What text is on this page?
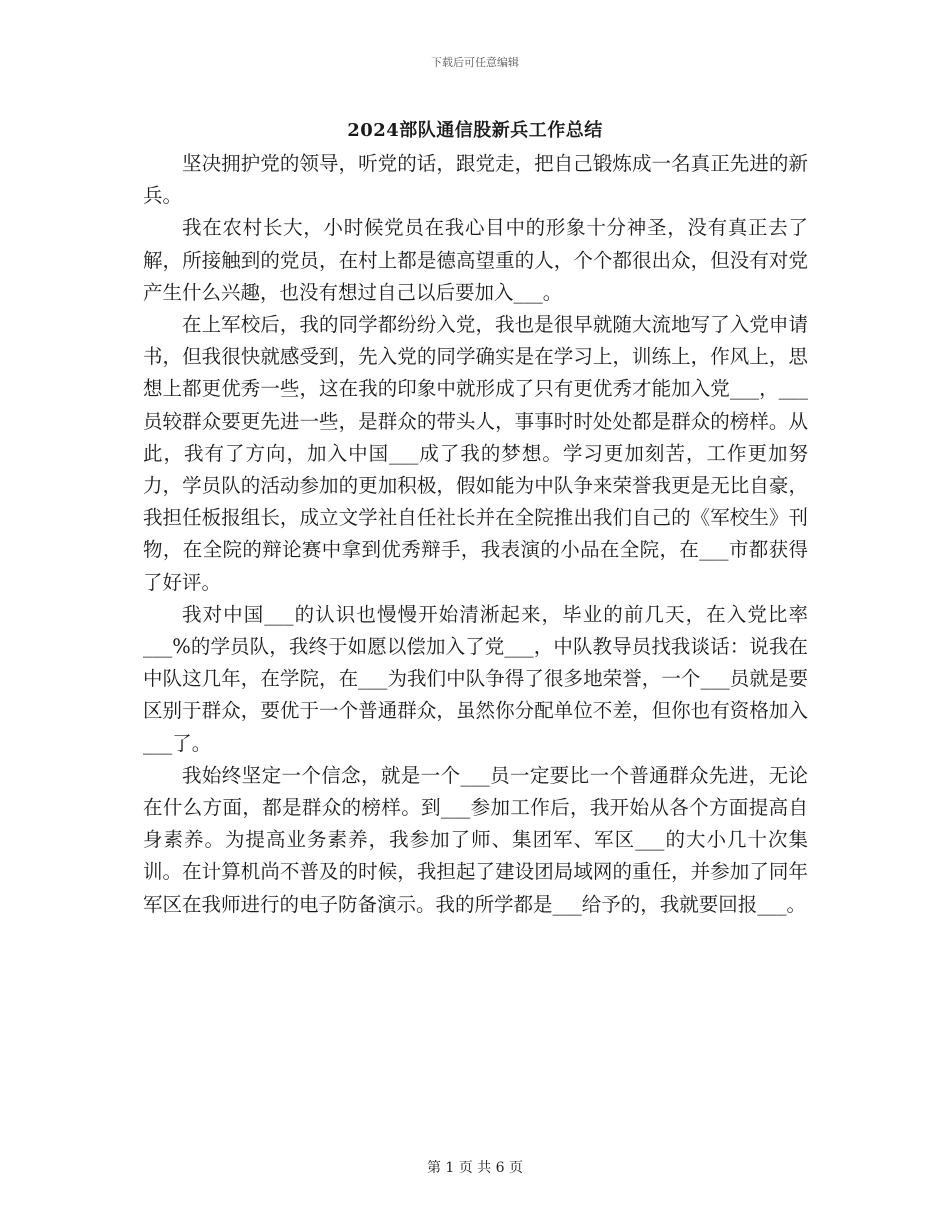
下载后可任意编辑
2024部队通信股新兵工作总结

坚决拥护党的领导，听党的话，跟党走，把自己锻炼成一名真正先进的新兵。

我在农村长大，小时候党员在我心目中的形象十分神圣，没有真正去了解，所接触到的党员，在村上都是德高望重的人，个个都很出众，但没有对党产生什么兴趣，也没有想过自己以后要加入___。

在上军校后，我的同学都纷纷入党，我也是很早就随大流地写了入党申请书，但我很快就感受到，先入党的同学确实是在学习上，训练上，作风上，思想上都更优秀一些，这在我的印象中就形成了只有更优秀才能加入党___，___员较群众要更先进一些，是群众的带头人，事事时时处处都是群众的榜样。从此，我有了方向，加入中国___成了我的梦想。学习更加刻苦，工作更加努力，学员队的活动参加的更加积极，假如能为中队争来荣誉我更是无比自豪，我担任板报组长，成立文学社自任社长并在全院推出我们自己的《军校生》刊物，在全院的辩论赛中拿到优秀辩手，我表演的小品在全院，在___市都获得了好评。

我对中国___的认识也慢慢开始清淅起来，毕业的前几天，在入党比率___%的学员队，我终于如愿以偿加入了党___，中队教导员找我谈话：说我在中队这几年，在学院，在___为我们中队争得了很多地荣誉，一个___员就是要区别于群众，要优于一个普通群众，虽然你分配单位不差，但你也有资格加入___了。

我始终坚定一个信念，就是一个___员一定要比一个普通群众先进，无论在什么方面，都是群众的榜样。到___参加工作后，我开始从各个方面提高自身素养。为提高业务素养，我参加了师、集团军、军区___的大小几十次集训。在计算机尚不普及的时候，我担起了建设团局域网的重任，并参加了同年军区在我师进行的电子防备演示。我的所学都是___给予的，我就要回报___。

第 1 页 共 6 页
